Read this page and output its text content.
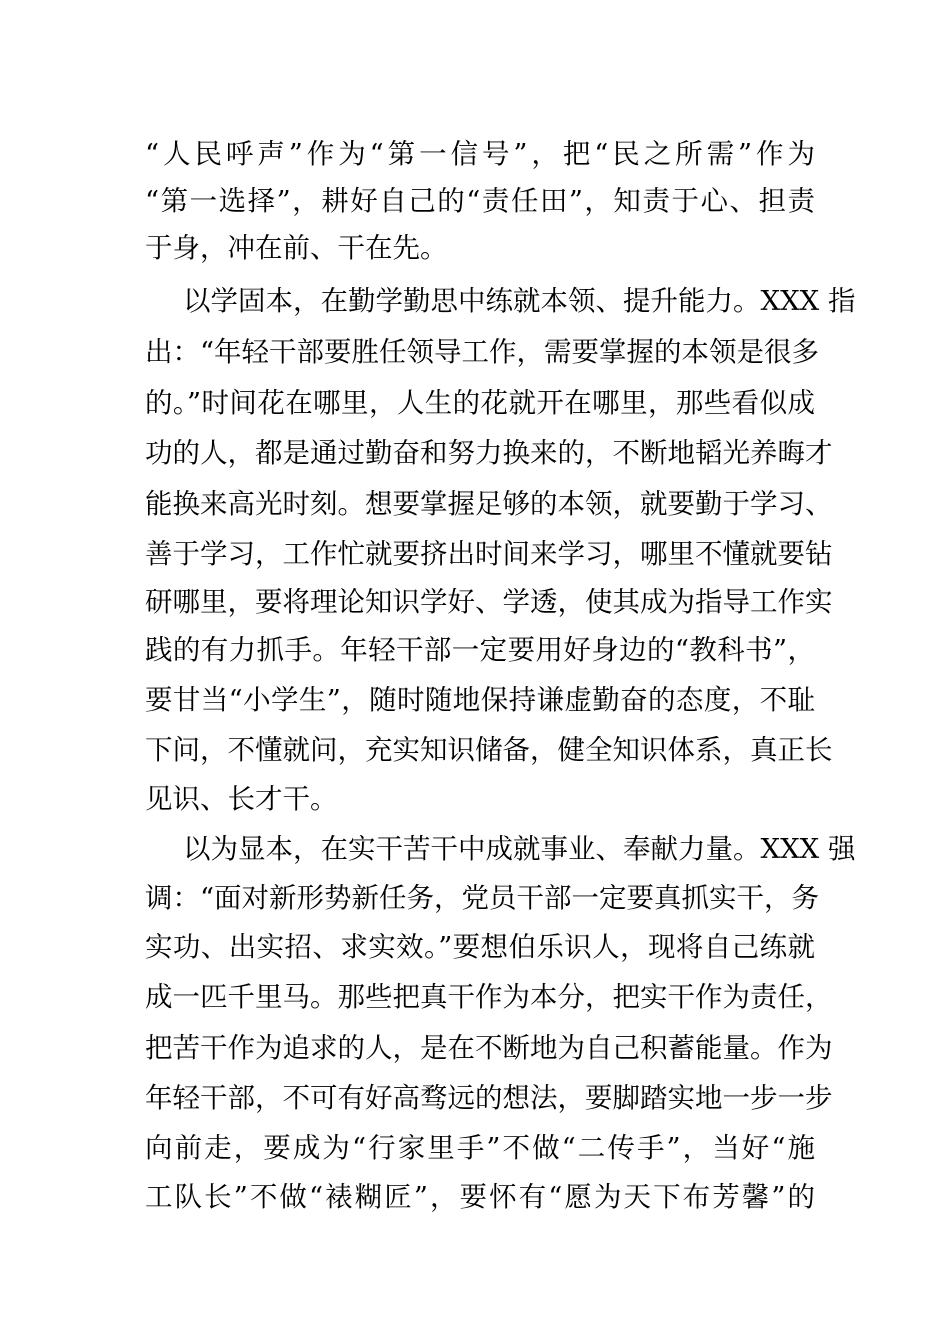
“人民呼声”作为“第一信号”，把“民之所需”作为
“第一选择”，耕好自己的“责任田”，知责于心、担责
于身，冲在前、干在先。
以学固本，在勤学勤思中练就本领、提升能力。XXX 指
出：“年轻干部要胜任领导工作，需要掌握的本领是很多
的。”时间花在哪里，人生的花就开在哪里，那些看似成
功的人，都是通过勤奋和努力换来的，不断地韬光养晦才
能换来高光时刻。想要掌握足够的本领，就要勤于学习、
善于学习，工作忙就要挤出时间来学习，哪里不懂就要钻
研哪里，要将理论知识学好、学透，使其成为指导工作实
践的有力抓手。年轻干部一定要用好身边的“教科书”，
要甘当“小学生”，随时随地保持谦虚勤奋的态度，不耻
下问，不懂就问，充实知识储备，健全知识体系，真正长
见识、长才干。
以为显本，在实干苦干中成就事业、奉献力量。XXX 强
调：“面对新形势新任务，党员干部一定要真抓实干，务
实功、出实招、求实效。”要想伯乐识人，现将自己练就
成一匹千里马。那些把真干作为本分，把实干作为责任，
把苦干作为追求的人，是在不断地为自己积蓄能量。作为
年轻干部，不可有好高骛远的想法，要脚踏实地一步一步
向前走，要成为“行家里手”不做“二传手”，当好“施
工队长”不做“裱糊匠”，要怀有“愿为天下布芳馨”的
